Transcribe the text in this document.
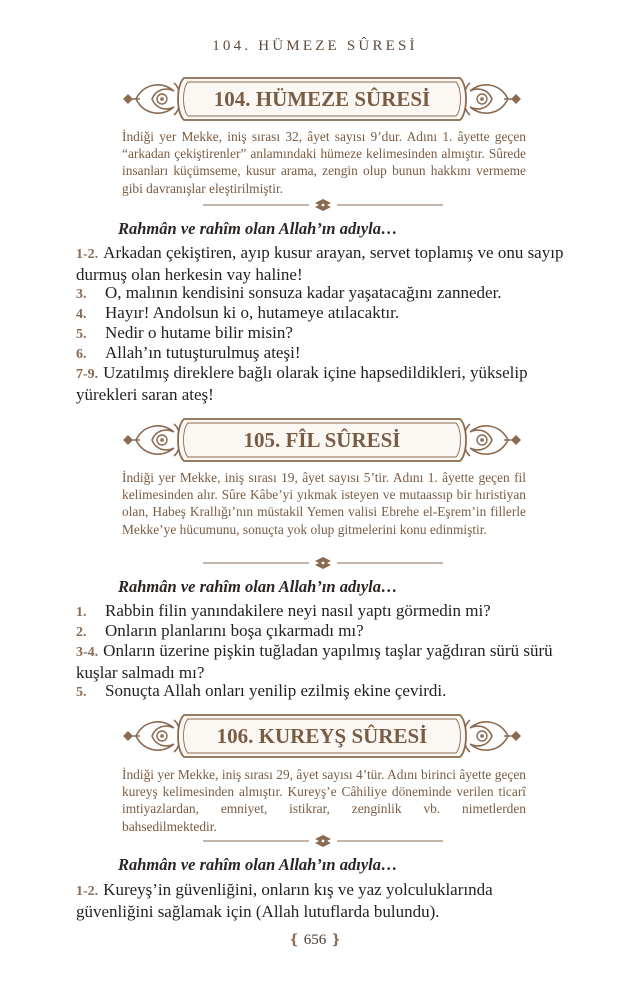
104. HÜMEZE SÛRESİ
104. HÜMEZE SÛRESİ
İndiği yer Mekke, iniş sırası 32, âyet sayısı 9’dur. Adını 1. âyette geçen “arkadan çekiştirenler” anlamındaki hümeze kelimesinden almıştır. Sûrede insanları küçümseme, kusur arama, zengin olup bunun hakkını vermeme gibi davranışlar eleştirilmiştir.
Rahmân ve rahîm olan Allah’ın adıyla…
1-2. Arkadan çekiştiren, ayıp kusur arayan, servet toplamış ve onu sayıp durmuş olan herkesin vay haline!
3. O, malının kendisini sonsuza kadar yaşatacağını zanneder.
4. Hayır! Andolsun ki o, hutameye atılacaktır.
5. Nedir o hutame bilir misin?
6. Allah’ın tutuşturulmuş ateşi!
7-9. Uzatılmış direklere bağlı olarak içine hapsedildikleri, yükselip yürekleri saran ateş!
105. FÎL SÛRESİ
İndiği yer Mekke, iniş sırası 19, âyet sayısı 5’tir. Adını 1. âyette geçen fil kelimesinden alır. Sûre Kâbe’yi yıkmak isteyen ve mutaassıp bir hıristiyan olan, Habeş Krallığı’nın müstakil Yemen valisi Ebrehe el-Eşrem’in fillerle Mekke’ye hücumunu, sonuçta yok olup gitmelerini konu edinmiştir.
Rahmân ve rahîm olan Allah’ın adıyla…
1. Rabbin filin yanındakilere neyi nasıl yaptı görmedin mi?
2. Onların planlarını boşa çıkarmadı mı?
3-4. Onların üzerine pişkin tuğladan yapılmış taşlar yağdıran sürü sürü kuşlar salmadı mı?
5. Sonuçta Allah onları yenilip ezilmiş ekine çevirdi.
106. KUREYŞ SÛRESİ
İndiği yer Mekke, iniş sırası 29, âyet sayısı 4’tür. Adını birinci âyette geçen kureyş kelimesinden almıştır. Kureyş’e Câhiliye döneminde verilen ticarî imtiyazlardan, emniyet, istikrar, zenginlik vb. nimetlerden bahsedilmektedir.
Rahmân ve rahîm olan Allah’ın adıyla…
1-2. Kureyş’in güvenliğini, onların kış ve yaz yolculuklarında güvenliğini sağlamak için (Allah lutuflarda bulundu).
❴ 656 ❵
